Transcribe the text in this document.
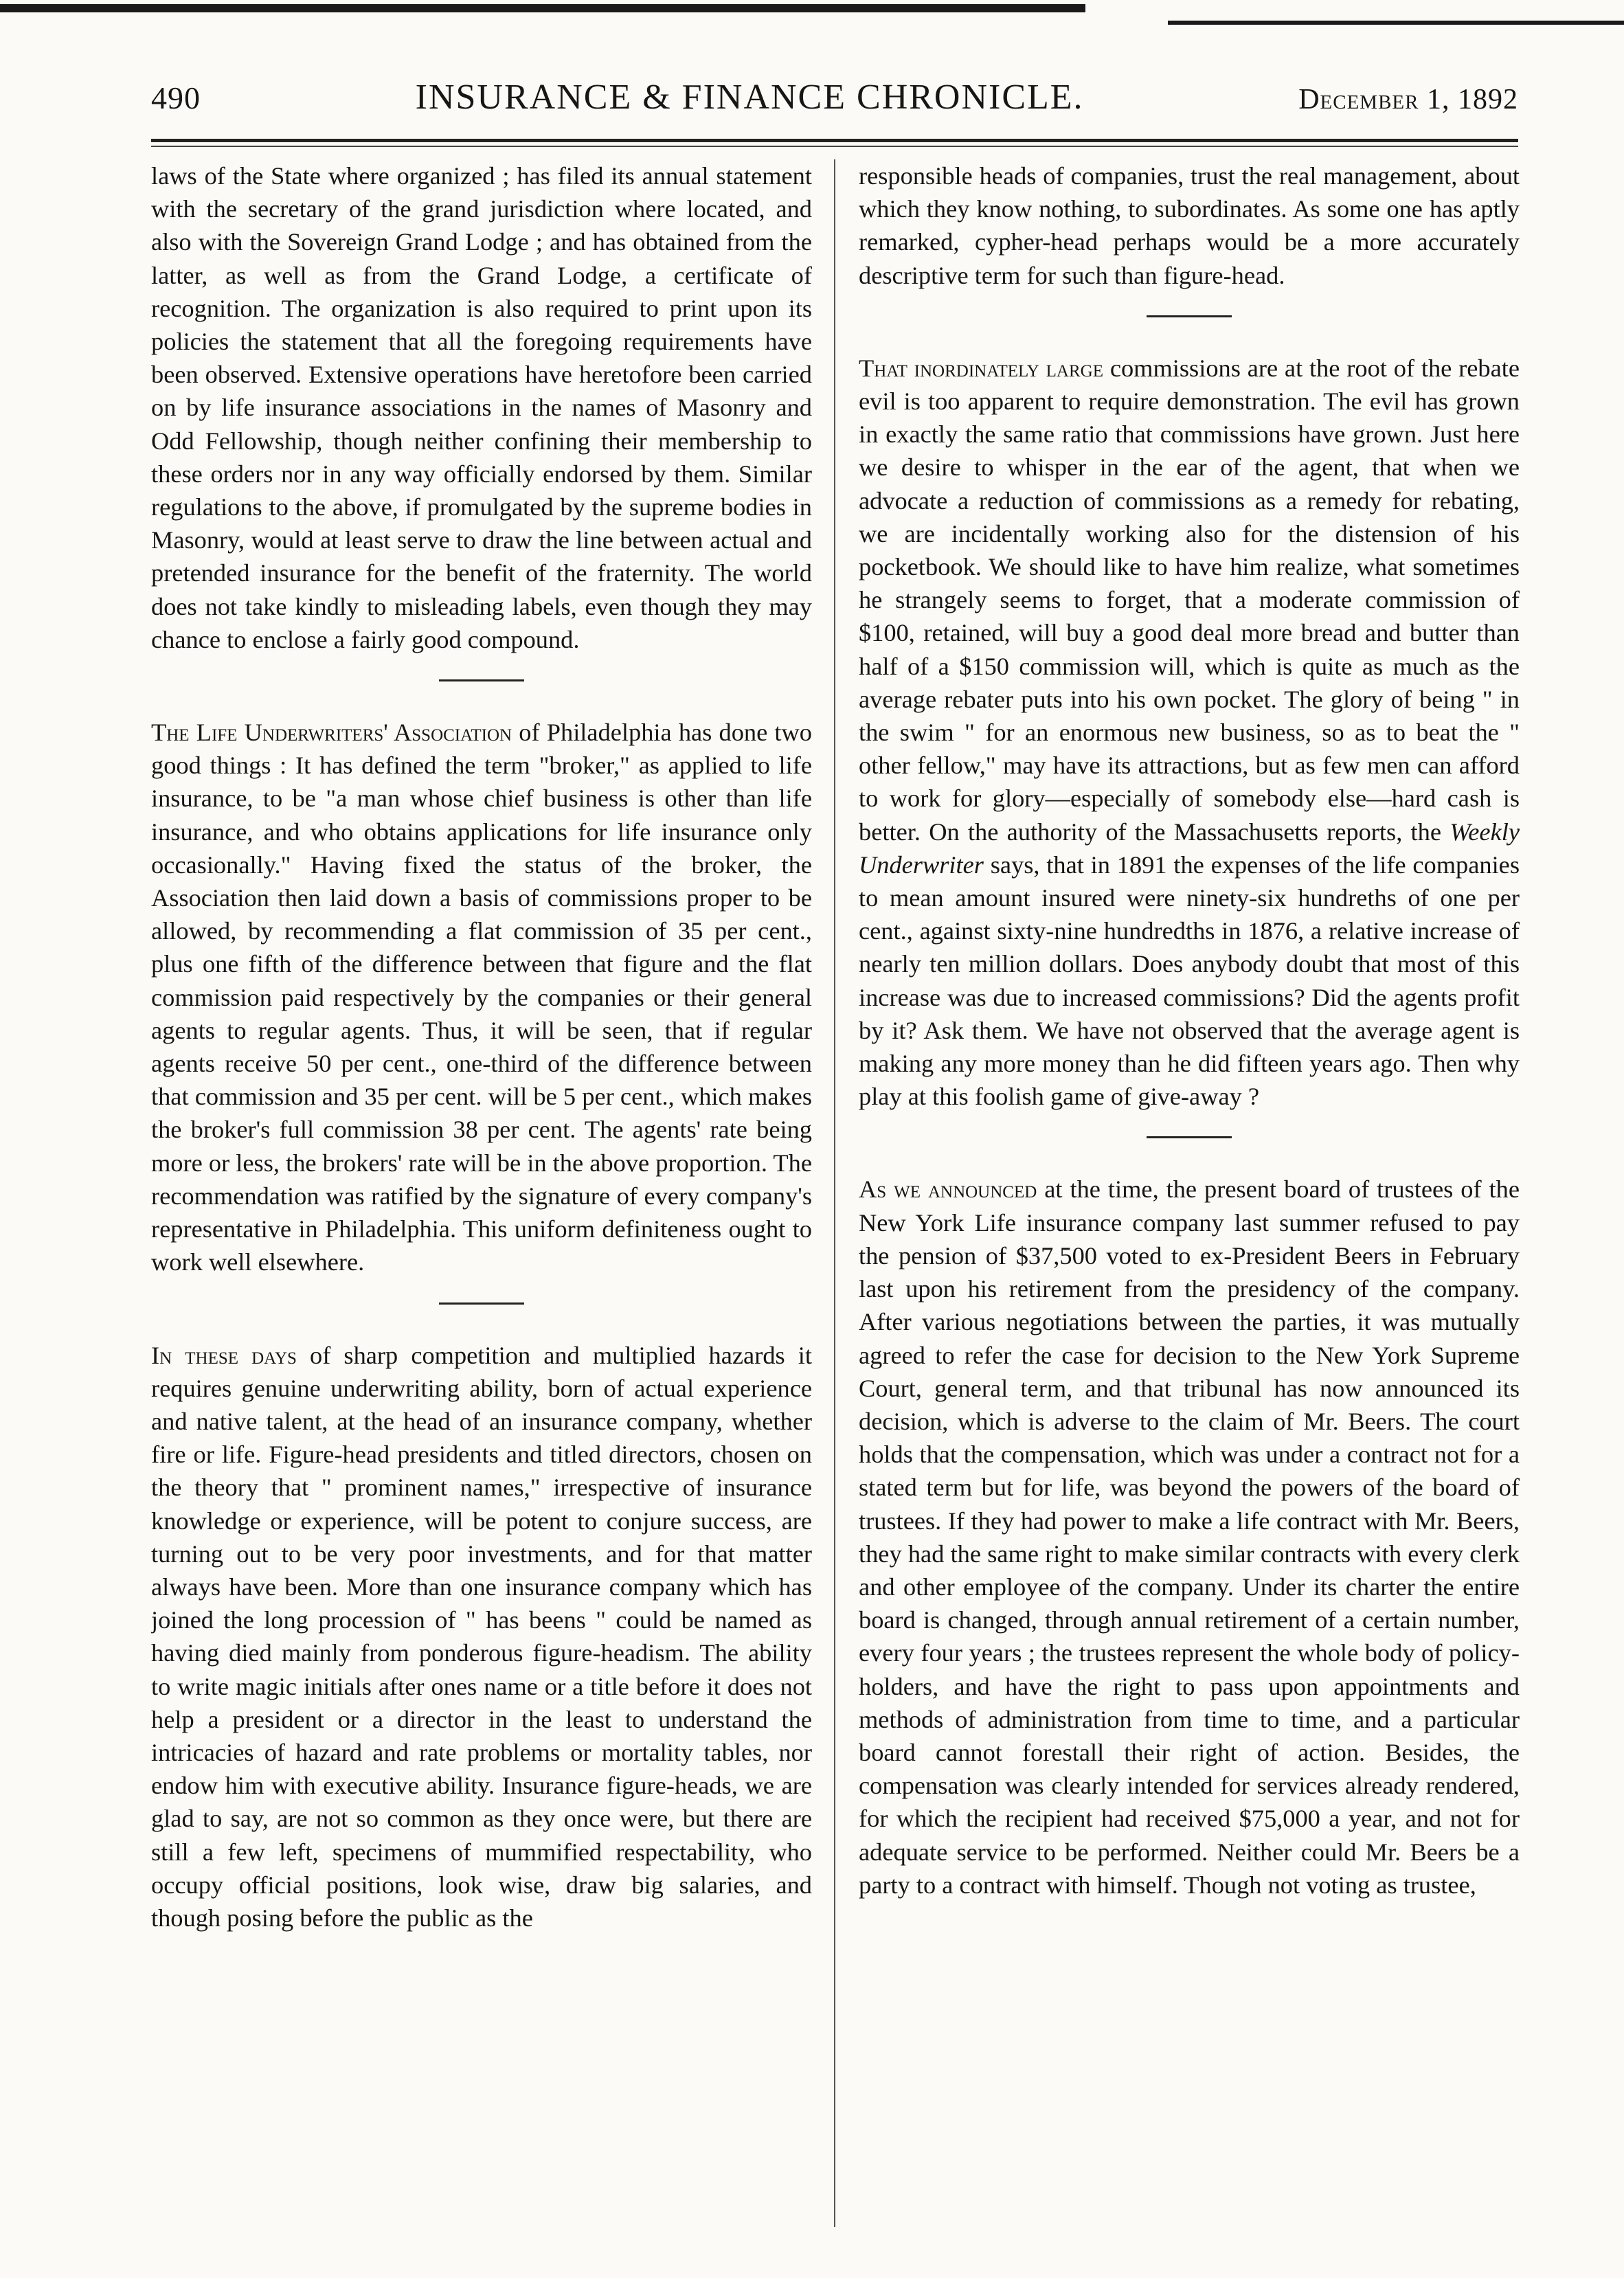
490	INSURANCE & FINANCE CHRONICLE.	December 1, 1892

laws of the State where organized ; has filed its annual statement with the secretary of the grand jurisdiction where located, and also with the Sovereign Grand Lodge ; and has obtained from the latter, as well as from the Grand Lodge, a certificate of recognition. The organization is also required to print upon its policies the statement that all the foregoing requirements have been observed. Extensive operations have heretofore been carried on by life insurance associations in the names of Masonry and Odd Fellowship, though neither confining their membership to these orders nor in any way officially endorsed by them. Similar regulations to the above, if promulgated by the supreme bodies in Masonry, would at least serve to draw the line between actual and pretended insurance for the benefit of the fraternity. The world does not take kindly to misleading labels, even though they may chance to enclose a fairly good compound.

The Life Underwriters' Association of Philadelphia has done two good things : It has defined the term "broker," as applied to life insurance, to be "a man whose chief business is other than life insurance, and who obtains applications for life insurance only occasionally." Having fixed the status of the broker, the Association then laid down a basis of commissions proper to be allowed, by recommending a flat commission of 35 per cent., plus one fifth of the difference between that figure and the flat commission paid respectively by the companies or their general agents to regular agents. Thus, it will be seen, that if regular agents receive 50 per cent., one-third of the difference between that commission and 35 per cent. will be 5 per cent., which makes the broker's full commission 38 per cent. The agents' rate being more or less, the brokers' rate will be in the above proportion. The recommendation was ratified by the signature of every company's representative in Philadelphia. This uniform definiteness ought to work well elsewhere.

In these days of sharp competition and multiplied hazards it requires genuine underwriting ability, born of actual experience and native talent, at the head of an insurance company, whether fire or life. Figure-head presidents and titled directors, chosen on the theory that " prominent names," irrespective of insurance knowledge or experience, will be potent to conjure success, are turning out to be very poor investments, and for that matter always have been. More than one insurance company which has joined the long procession of " has beens " could be named as having died mainly from ponderous figure-headism. The ability to write magic initials after ones name or a title before it does not help a president or a director in the least to understand the intricacies of hazard and rate problems or mortality tables, nor endow him with executive ability. Insurance figure-heads, we are glad to say, are not so common as they once were, but there are still a few left, specimens of mummified respectability, who occupy official positions, look wise, draw big salaries, and though posing before the public as the

responsible heads of companies, trust the real management, about which they know nothing, to subordinates. As some one has aptly remarked, cypher-head perhaps would be a more accurately descriptive term for such than figure-head.

That inordinately large commissions are at the root of the rebate evil is too apparent to require demonstration. The evil has grown in exactly the same ratio that commissions have grown. Just here we desire to whisper in the ear of the agent, that when we advocate a reduction of commissions as a remedy for rebating, we are incidentally working also for the distension of his pocketbook. We should like to have him realize, what sometimes he strangely seems to forget, that a moderate commission of $100, retained, will buy a good deal more bread and butter than half of a $150 commission will, which is quite as much as the average rebater puts into his own pocket. The glory of being " in the swim " for an enormous new business, so as to beat the " other fellow," may have its attractions, but as few men can afford to work for glory—especially of somebody else—hard cash is better. On the authority of the Massachusetts reports, the Weekly Underwriter says, that in 1891 the expenses of the life companies to mean amount insured were ninety-six hundreths of one per cent., against sixty-nine hundredths in 1876, a relative increase of nearly ten million dollars. Does anybody doubt that most of this increase was due to increased commissions? Did the agents profit by it? Ask them. We have not observed that the average agent is making any more money than he did fifteen years ago. Then why play at this foolish game of give-away ?

As we announced at the time, the present board of trustees of the New York Life insurance company last summer refused to pay the pension of $37,500 voted to ex-President Beers in February last upon his retirement from the presidency of the company. After various negotiations between the parties, it was mutually agreed to refer the case for decision to the New York Supreme Court, general term, and that tribunal has now announced its decision, which is adverse to the claim of Mr. Beers. The court holds that the compensation, which was under a contract not for a stated term but for life, was beyond the powers of the board of trustees. If they had power to make a life contract with Mr. Beers, they had the same right to make similar contracts with every clerk and other employee of the company. Under its charter the entire board is changed, through annual retirement of a certain number, every four years ; the trustees represent the whole body of policy-holders, and have the right to pass upon appointments and methods of administration from time to time, and a particular board cannot forestall their right of action. Besides, the compensation was clearly intended for services already rendered, for which the recipient had received $75,000 a year, and not for adequate service to be performed. Neither could Mr. Beers be a party to a contract with himself. Though not voting as trustee,
